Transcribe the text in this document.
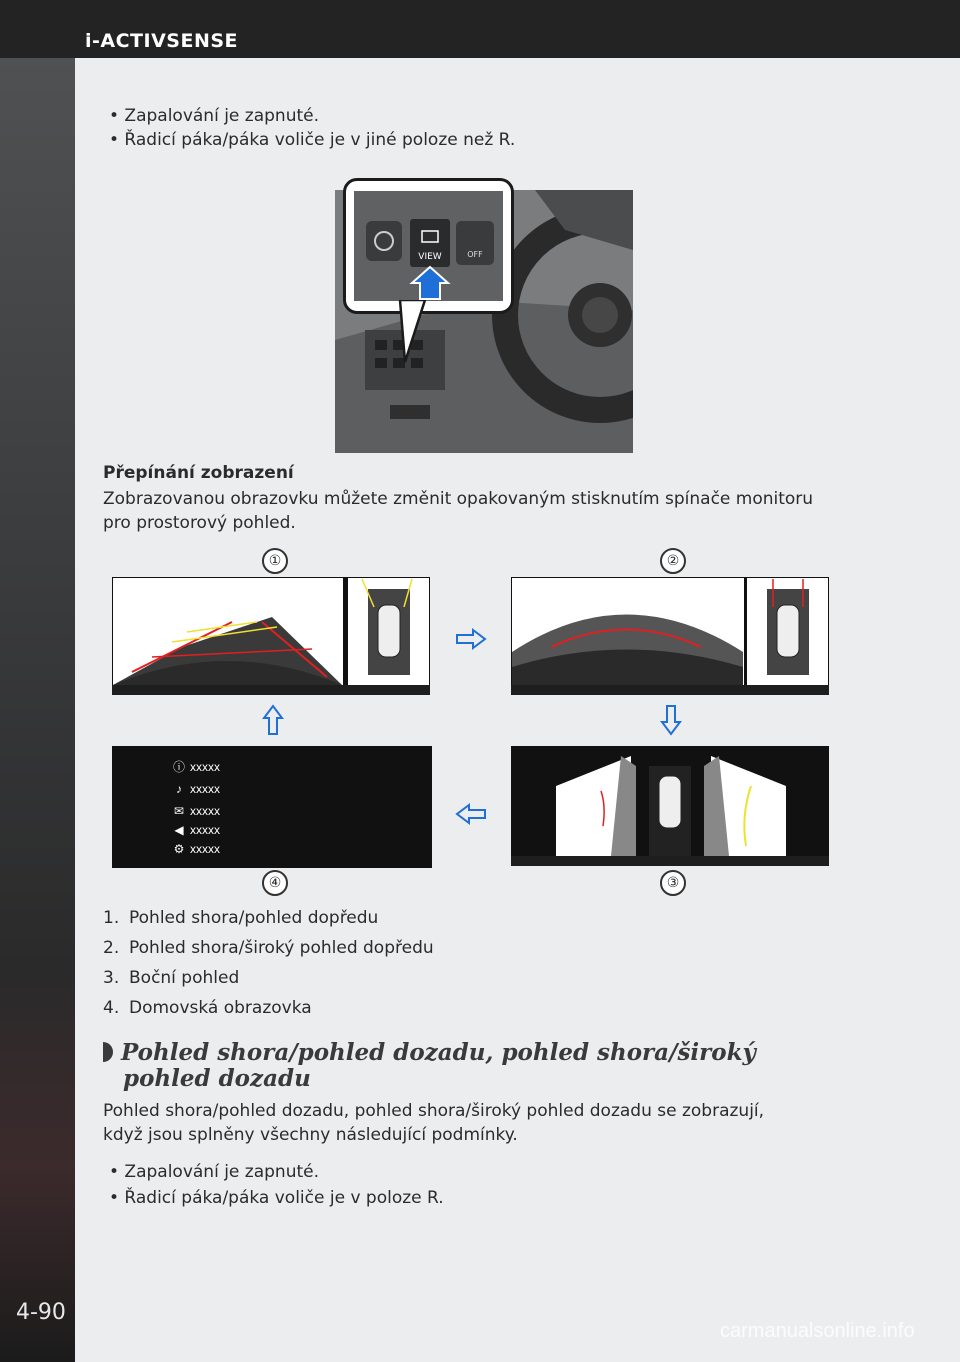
i-ACTIVSENSE
4-90
• Zapalování je zapnuté.
• Řadicí páka/páka voliče je v jiné poloze než R.
VIEW	OFF
Přepínání zobrazení
Zobrazovanou obrazovku můžete změnit opakovaným stisknutím spínače monitoru
pro prostorový pohled.
①	②
③
④
ⓘ xxxxx
♪ xxxxx
✉ xxxxx
◀ xxxxx
⚙ xxxxx
1. Pohled shora/pohled dopředu
2. Pohled shora/široký pohled dopředu
3. Boční pohled
4. Domovská obrazovka
Pohled shora/pohled dozadu, pohled shora/široký
pohled dozadu
Pohled shora/pohled dozadu, pohled shora/široký pohled dozadu se zobrazují,
když jsou splněny všechny následující podmínky.
• Zapalování je zapnuté.
• Řadicí páka/páka voliče je v poloze R.
carmanualsonline.info
